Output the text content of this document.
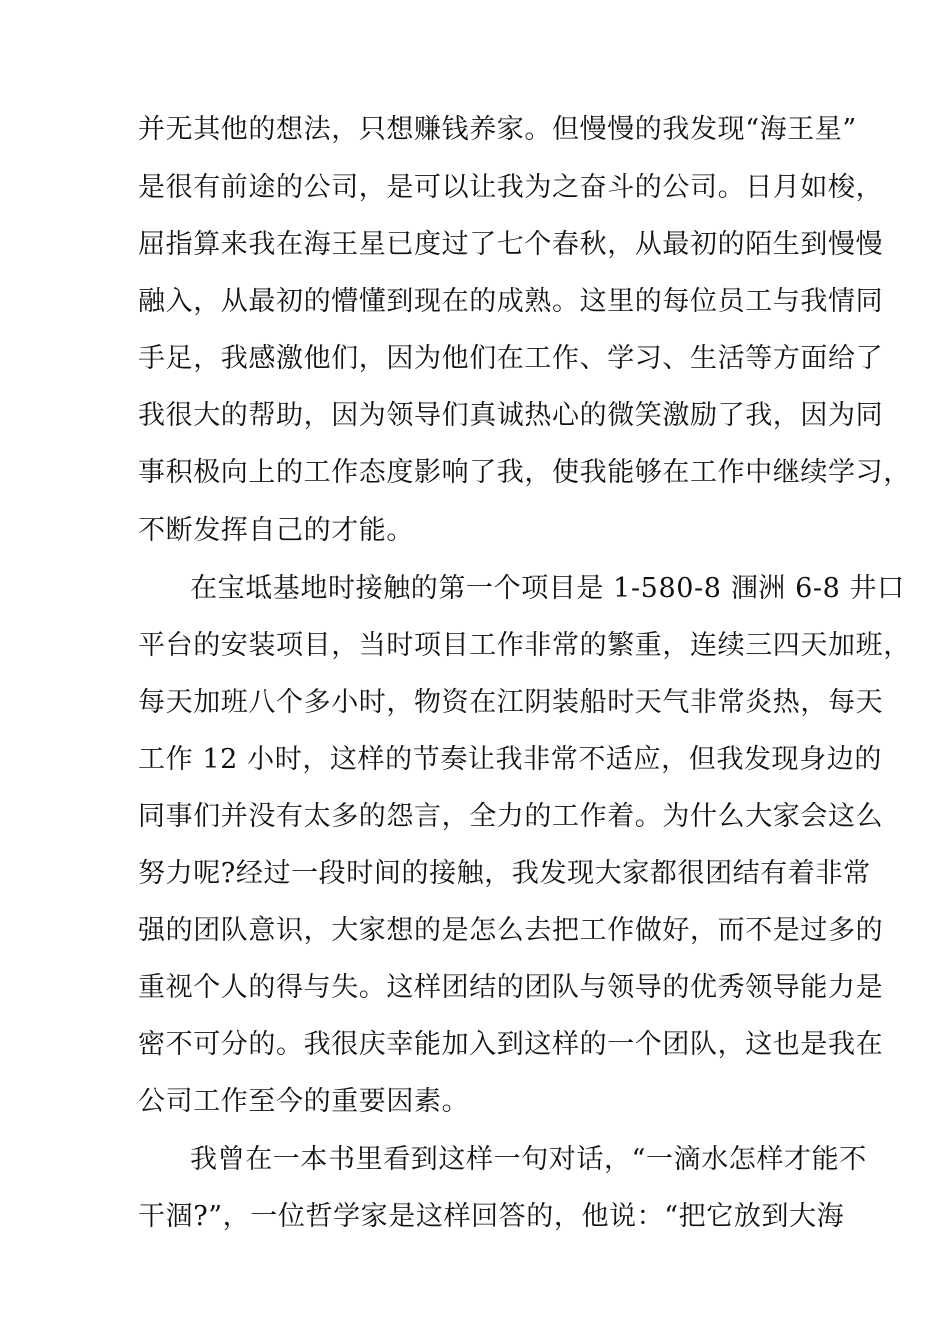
并无其他的想法，只想赚钱养家。但慢慢的我发现“海王星”
是很有前途的公司，是可以让我为之奋斗的公司。日月如梭，
屈指算来我在海王星已度过了七个春秋，从最初的陌生到慢慢
融入，从最初的懵懂到现在的成熟。这里的每位员工与我情同
手足，我感激他们，因为他们在工作、学习、生活等方面给了
我很大的帮助，因为领导们真诚热心的微笑激励了我，因为同
事积极向上的工作态度影响了我，使我能够在工作中继续学习，
不断发挥自己的才能。
在宝坻基地时接触的第一个项目是 1-580-8 涠洲 6-8 井口
平台的安装项目，当时项目工作非常的繁重，连续三四天加班，
每天加班八个多小时，物资在江阴装船时天气非常炎热，每天
工作 12 小时，这样的节奏让我非常不适应，但我发现身边的
同事们并没有太多的怨言，全力的工作着。为什么大家会这么
努力呢?经过一段时间的接触，我发现大家都很团结有着非常
强的团队意识，大家想的是怎么去把工作做好，而不是过多的
重视个人的得与失。这样团结的团队与领导的优秀领导能力是
密不可分的。我很庆幸能加入到这样的一个团队，这也是我在
公司工作至今的重要因素。
我曾在一本书里看到这样一句对话，“一滴水怎样才能不
干涸?”，一位哲学家是这样回答的，他说：“把它放到大海
